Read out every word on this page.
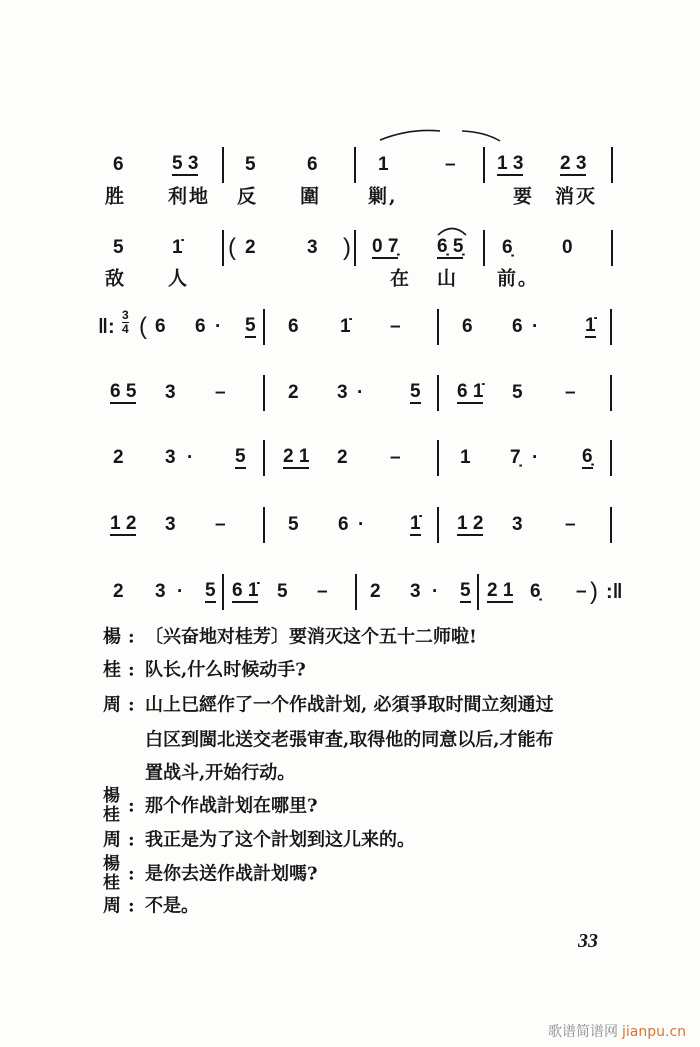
6	5 3 5	6	1	– 1 3 2 3
胜 利地 反 圍 剿,	要 消灭
5	1̇ ( 2	3 ) 0 7̣ 6̣ 5̣ 6̣	0
敌 人	在 山 前。
‖: ( 6 6 · 5 6 1̇ –	6 6 · 1̇
6 5 3 –	2 3 · 5 6 1̇ 5 –
2 3 · 5 2 1 2 –	1 7̣ · 6̣
1 2 3 –	5 6 · 1̇ 1 2 3 –
2 3 · 5 6 1̇ 5 – 2 3 · 5 2 1 6̣ – ) :‖
3
4
楊 : 〔兴奋地对桂芳〕要消灭这个五十二师啦!
桂 : 队长,什么时候动手?
周 : 山上巳經作了一个作战計划, 必須爭取时間立刻通过
白区到閩北送交老張审査,取得他的同意以后,才能布
置战斗,开始行动。
楊桂 : 那个作战計划在哪里?
周 : 我正是为了这个計划到这儿来的。
楊桂 : 是你去送作战計划嗎?
周 : 不是。
33
歌谱简谱网 jianpu.cn
